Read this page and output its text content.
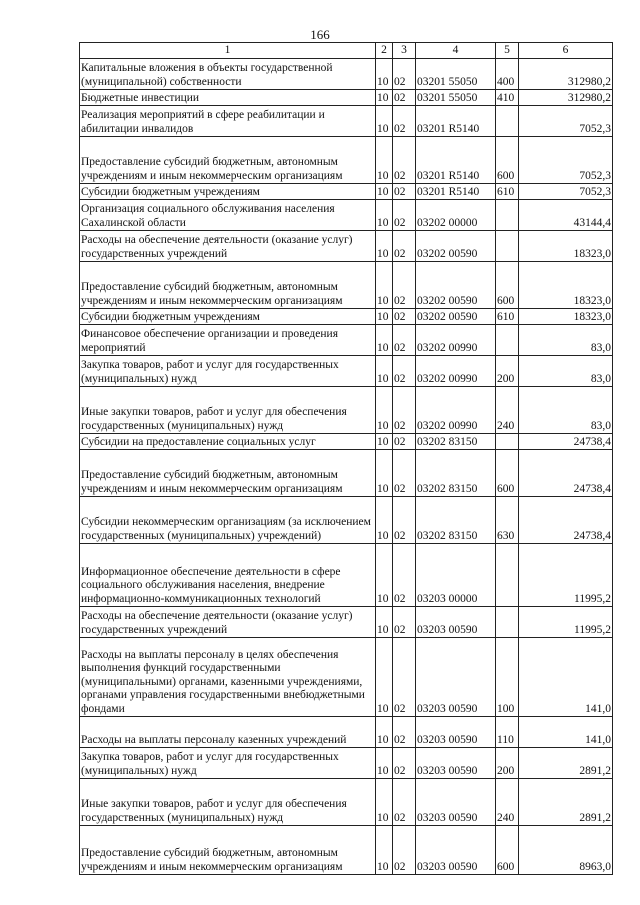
166
1	2	3	4	5	6
Капитальные вложения в объекты государственной (муниципальной) собственности	10	02	03201 55050	400	312980,2
Бюджетные инвестиции	10	02	03201 55050	410	312980,2
Реализация мероприятий в сфере реабилитации и абилитации инвалидов	10	02	03201 R5140		7052,3
Предоставление субсидий бюджетным, автономным учреждениям и иным некоммерческим организациям	10	02	03201 R5140	600	7052,3
Субсидии бюджетным учреждениям	10	02	03201 R5140	610	7052,3
Организация социального обслуживания населения Сахалинской области	10	02	03202 00000		43144,4
Расходы на обеспечение деятельности (оказание услуг) государственных учреждений	10	02	03202 00590		18323,0
Предоставление субсидий бюджетным, автономным учреждениям и иным некоммерческим организациям	10	02	03202 00590	600	18323,0
Субсидии бюджетным учреждениям	10	02	03202 00590	610	18323,0
Финансовое обеспечение организации и проведения мероприятий	10	02	03202 00990		83,0
Закупка товаров, работ и услуг для государственных (муниципальных) нужд	10	02	03202 00990	200	83,0
Иные закупки товаров, работ и услуг для обеспечения государственных (муниципальных) нужд	10	02	03202 00990	240	83,0
Субсидии на предоставление социальных услуг	10	02	03202 83150		24738,4
Предоставление субсидий бюджетным, автономным учреждениям и иным некоммерческим организациям	10	02	03202 83150	600	24738,4
Субсидии некоммерческим организациям (за исключением государственных (муниципальных) учреждений)	10	02	03202 83150	630	24738,4
Информационное обеспечение деятельности в сфере социального обслуживания населения, внедрение информационно-коммуникационных технологий	10	02	03203 00000		11995,2
Расходы на обеспечение деятельности (оказание услуг) государственных учреждений	10	02	03203 00590		11995,2
Расходы на выплаты персоналу в целях обеспечения выполнения функций государственными (муниципальными) органами, казенными учреждениями, органами управления государственными внебюджетными фондами	10	02	03203 00590	100	141,0
Расходы на выплаты персоналу казенных учреждений	10	02	03203 00590	110	141,0
Закупка товаров, работ и услуг для государственных (муниципальных) нужд	10	02	03203 00590	200	2891,2
Иные закупки товаров, работ и услуг для обеспечения государственных (муниципальных) нужд	10	02	03203 00590	240	2891,2
Предоставление субсидий бюджетным, автономным учреждениям и иным некоммерческим организациям	10	02	03203 00590	600	8963,0
